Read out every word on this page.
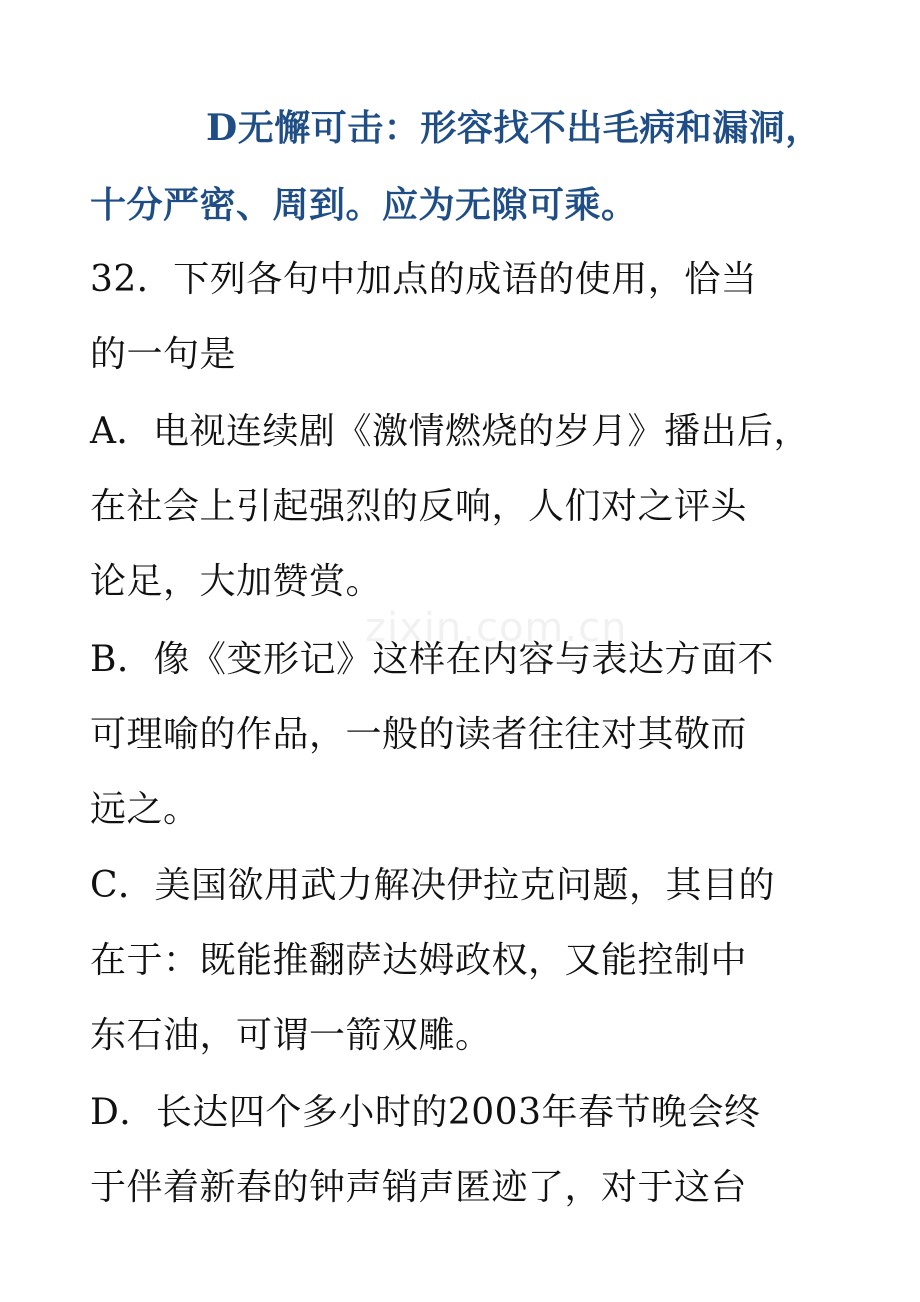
D无懈可击：形容找不出毛病和漏洞，
十分严密、周到。应为无隙可乘。
32．下列各句中加点的成语的使用，恰当
的一句是
A．电视连续剧《激情燃烧的岁月》播出后，
在社会上引起强烈的反响，人们对之评头
论足，大加赞赏。
B．像《变形记》这样在内容与表达方面不
可理喻的作品，一般的读者往往对其敬而
远之。
C．美国欲用武力解决伊拉克问题，其目的
在于：既能推翻萨达姆政权，又能控制中
东石油，可谓一箭双雕。
D．长达四个多小时的2003年春节晚会终
于伴着新春的钟声销声匿迹了，对于这台
zixin.com.cn
